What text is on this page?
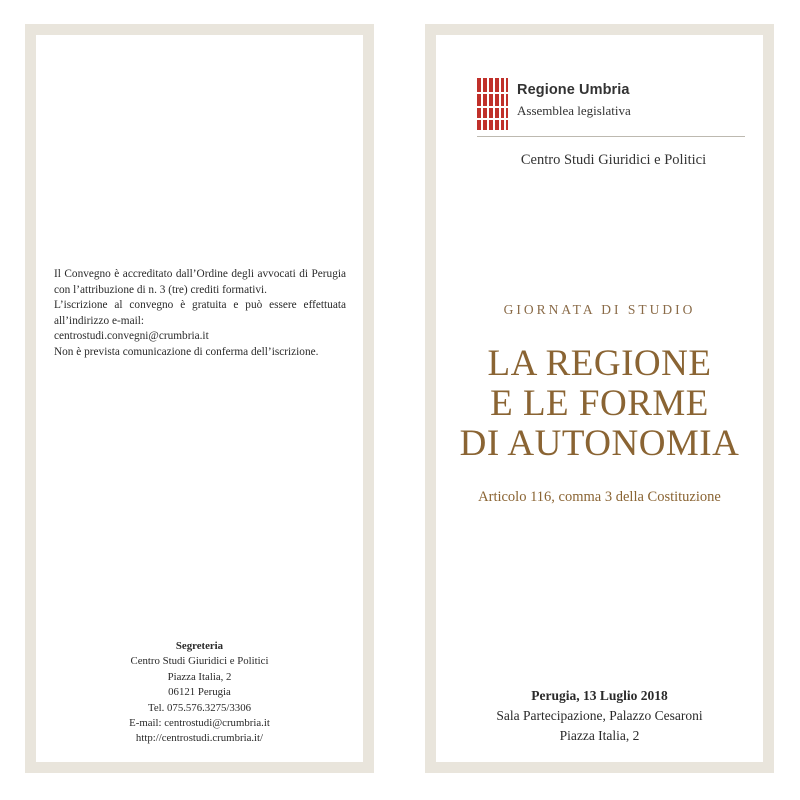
Il Convegno è accreditato dall’Ordine degli avvocati di Perugia con l’attribuzione di n. 3 (tre) crediti formativi.

L’iscrizione al convegno è gratuita e può essere effettuata all’indirizzo e-mail:

centrostudi.convegni@crumbria.it

Non è prevista comunicazione di conferma dell’iscrizione.

Segreteria
Centro Studi Giuridici e Politici
Piazza Italia, 2
06121 Perugia
Tel. 075.576.3275/3306
E-mail: centrostudi@crumbria.it
http://centrostudi.crumbria.it/
Regione Umbria
Assemblea legislativa
Centro Studi Giuridici e Politici
GIORNATA DI STUDIO
LA REGIONE
E LE FORME
DI AUTONOMIA
Articolo 116, comma 3 della Costituzione
Perugia, 13 Luglio 2018
Sala Partecipazione, Palazzo Cesaroni
Piazza Italia, 2
